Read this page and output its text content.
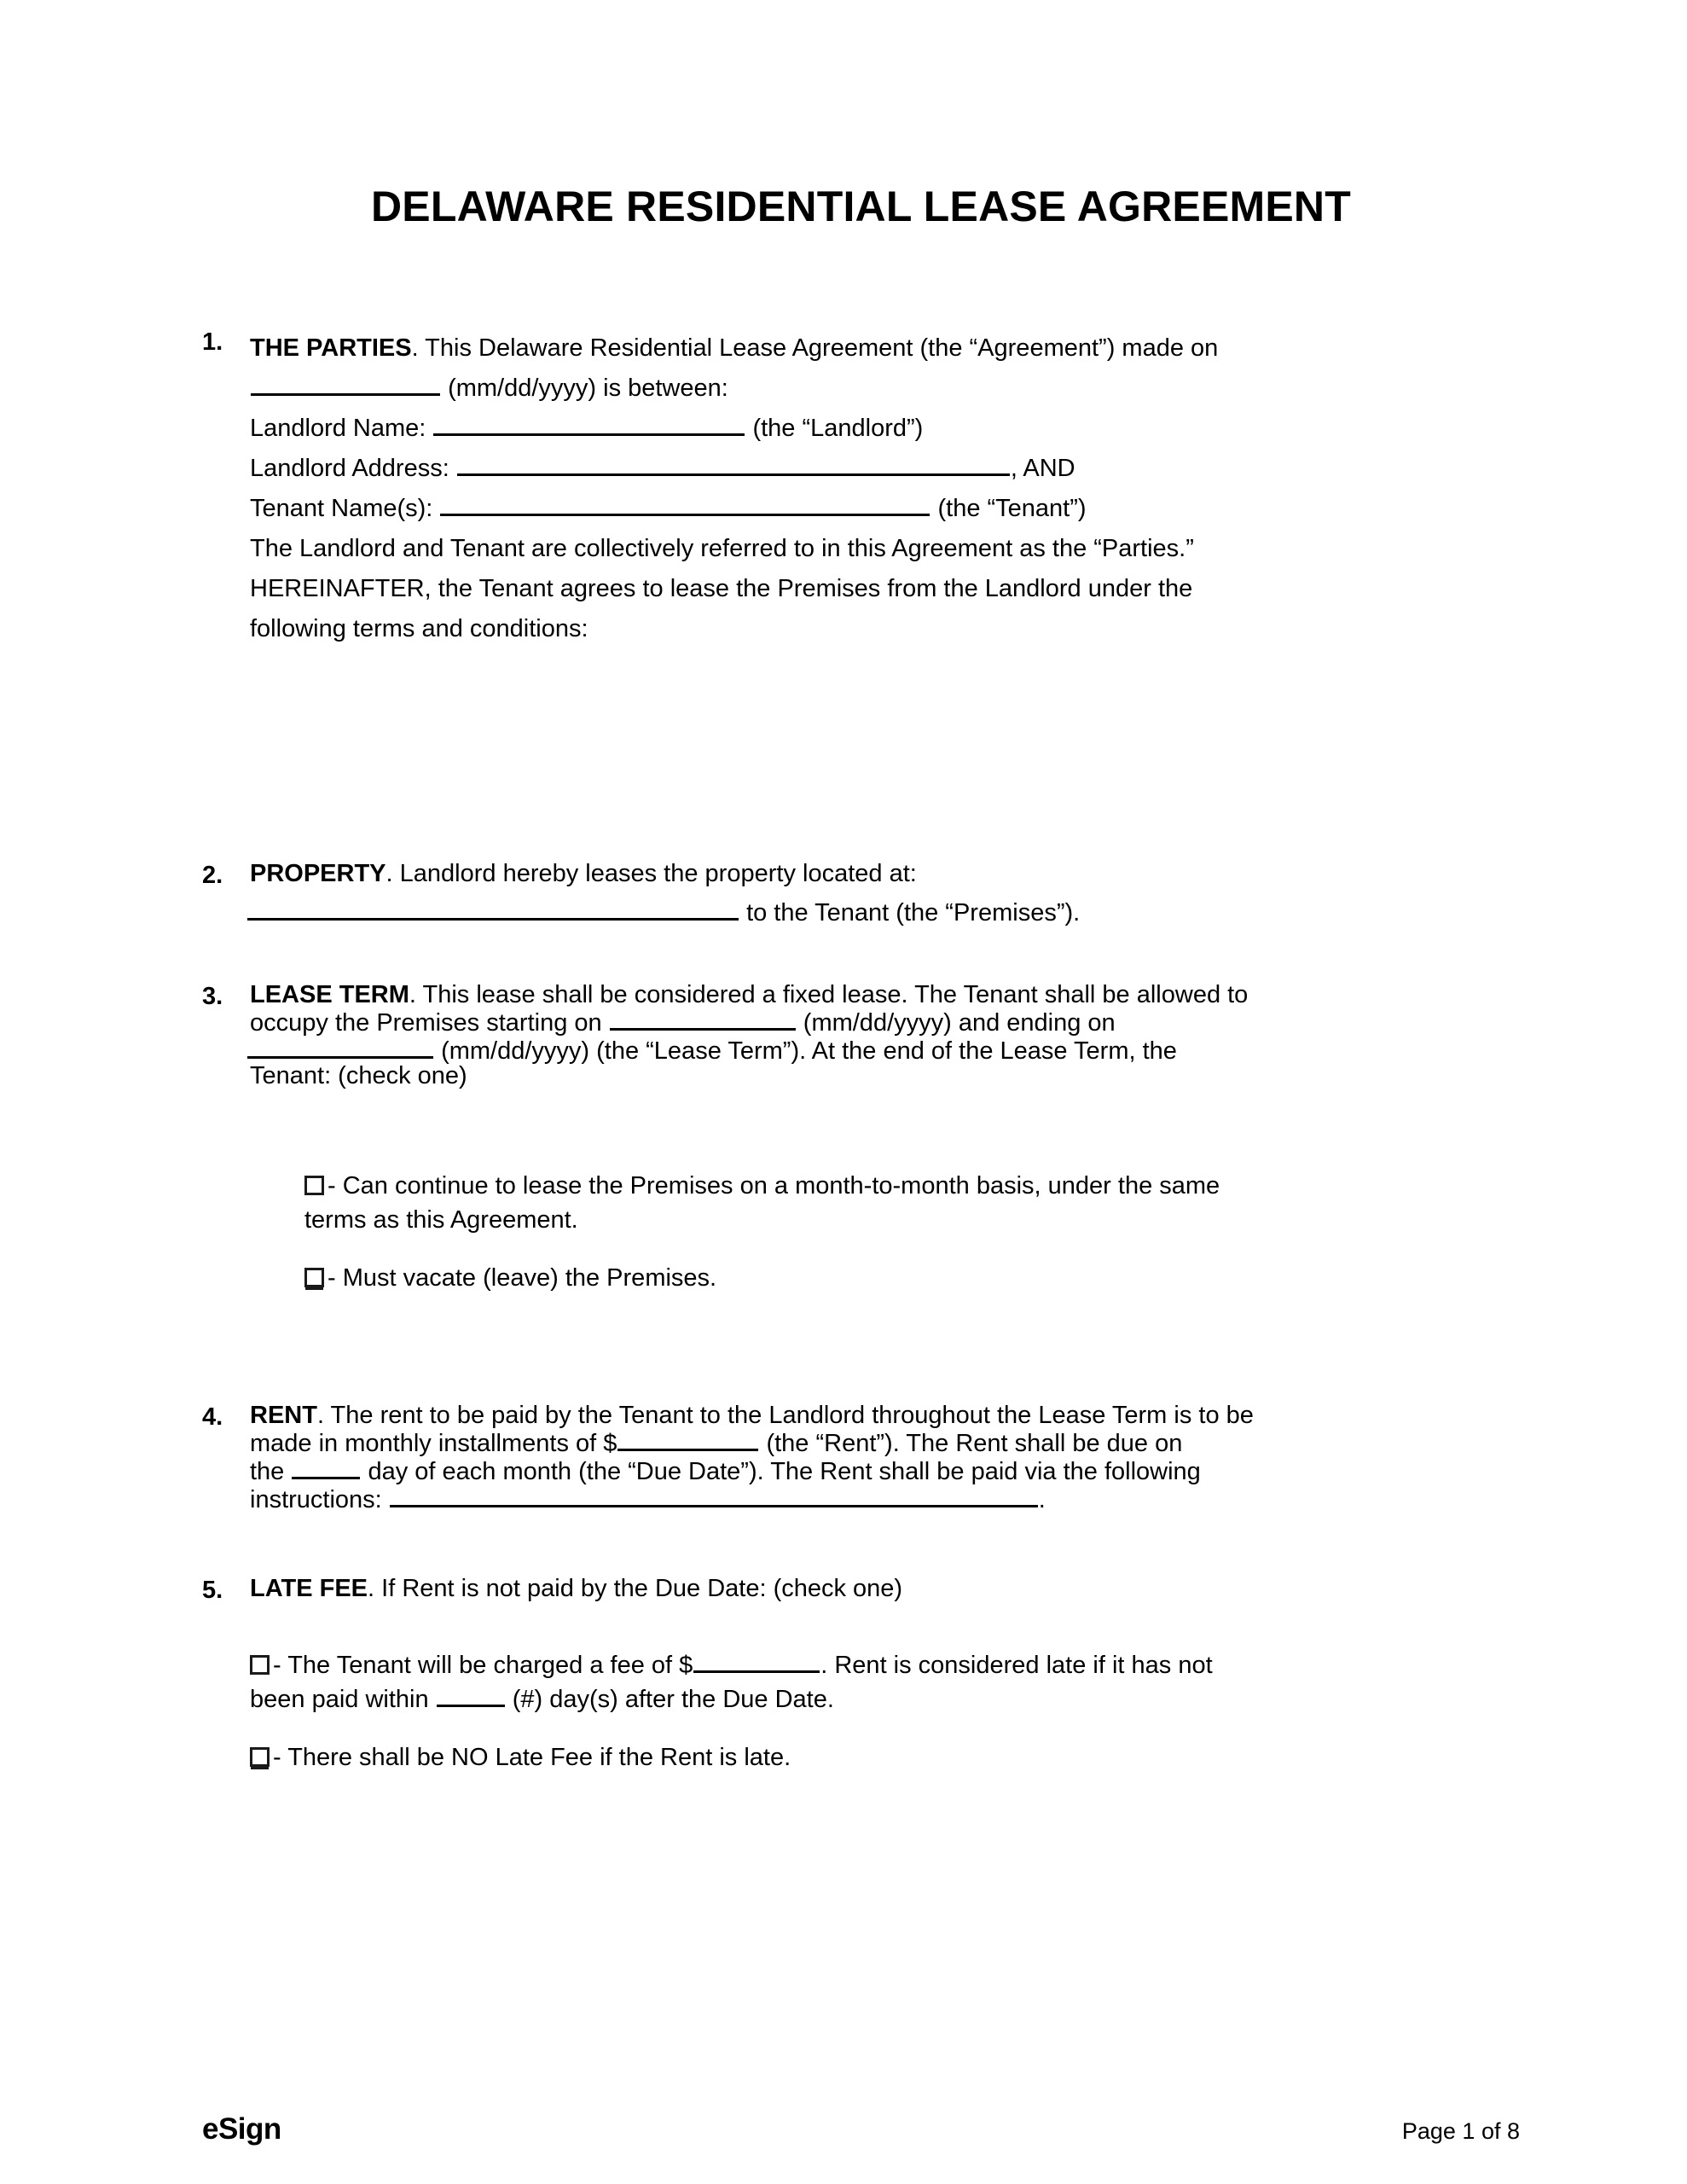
DELAWARE RESIDENTIAL LEASE AGREEMENT
1.	THE PARTIES. This Delaware Residential Lease Agreement (the “Agreement”) made on
(mm/dd/yyyy) is between:
Landlord Name:	(the “Landlord”)
Landlord Address:	, AND
Tenant Name(s):	(the “Tenant”)
The Landlord and Tenant are collectively referred to in this Agreement as the “Parties.”
HEREINAFTER, the Tenant agrees to lease the Premises from the Landlord under the
following terms and conditions:
2.	PROPERTY. Landlord hereby leases the property located at:
to the Tenant (the “Premises”).
3.	LEASE TERM. This lease shall be considered a fixed lease. The Tenant shall be allowed to
occupy the Premises starting on	(mm/dd/yyyy) and ending on
(mm/dd/yyyy) (the “Lease Term”). At the end of the Lease Term, the
Tenant: (check one)
- Can continue to lease the Premises on a month-to-month basis, under the same
terms as this Agreement.
- Must vacate (leave) the Premises.
4.	RENT. The rent to be paid by the Tenant to the Landlord throughout the Lease Term is to be
made in monthly installments of $	(the “Rent”). The Rent shall be due on
the	day of each month (the “Due Date”). The Rent shall be paid via the following
instructions:	.
5.	LATE FEE. If Rent is not paid by the Due Date: (check one)
- The Tenant will be charged a fee of $	. Rent is considered late if it has not
been paid within	(#) day(s) after the Due Date.
- There shall be NO Late Fee if the Rent is late.
eSign	Page 1 of 8
